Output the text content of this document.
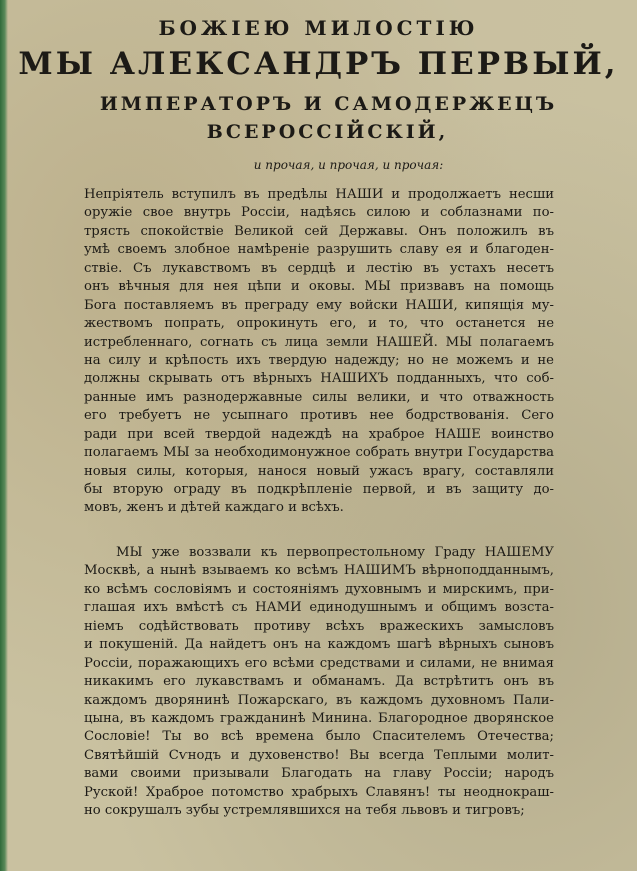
БОЖІЕЮ МИЛОСТІЮ
МЫ АЛЕКСАНДРЪ ПЕРВЫЙ,
ИМПЕРАТОРЪ И САМОДЕРЖЕЦЪ
ВСЕРОССІЙСКІЙ,
и прочая, и прочая, и прочая:
Непріятель вступилъ въ предѣлы НАШИ и продолжаетъ несши
оружіе свое внутрь Россіи, надѣясь силою и соблазнами по-
трясть спокойствіе Великой сей Державы. Онъ положилъ въ
умѣ своемъ злобное намѣреніе разрушить славу ея и благоден-
ствіе. Съ лукавствомъ въ сердцѣ и лестію въ устахъ несетъ
онъ вѣчныя для нея цѣпи и оковы. МЫ призвавъ на помощь
Бога поставляемъ въ преграду ему войски НАШИ, кипящія му-
жествомъ попрать, опрокинуть его, и то, что останется не
истребленнаго, согнать съ лица земли НАШЕЙ. МЫ полагаемъ
на силу и крѣпость ихъ твердую надежду; но не можемъ и не
должны скрывать отъ вѣрныхъ НАШИХЪ подданныхъ, что соб-
ранные имъ разнодержавные силы велики, и что отважность
его требуетъ не усыпнаго противъ нее бодрствованія. Сего
ради при всей твердой надеждѣ на храброе НАШЕ воинство
полагаемъ МЫ за необходимонужное собрать внутри Государства
новыя силы, которыя, нанося новый ужасъ врагу, составляли
бы вторую ограду въ подкрѣпленіе первой, и въ защиту до-
мовъ, женъ и дѣтей каждаго и всѣхъ.
МЫ уже воззвали къ первопрестольному Граду НАШЕМУ
Москвѣ, а нынѣ взываемъ ко всѣмъ НАШИМЪ вѣрноподданнымъ,
ко всѣмъ сословіямъ и состояніямъ духовнымъ и мирскимъ, при-
глашая ихъ вмѣстѣ съ НАМИ единодушнымъ и общимъ возста-
ніемъ содѣйствовать противу всѣхъ вражескихъ замысловъ
и покушеній. Да найдетъ онъ на каждомъ шагѣ вѣрныхъ сыновъ
Россіи, поражающихъ его всѣми средствами и силами, не внимая
никакимъ его лукавствамъ и обманамъ. Да встрѣтитъ онъ въ
каждомъ дворянинѣ Пожарскаго, въ каждомъ духовномъ Пали-
цына, въ каждомъ гражданинѣ Минина. Благородное дворянское
Сословіе! Ты во всѣ времена было Спасителемъ Отечества;
Святѣйшій Сѵнодъ и духовенство! Вы всегда Теплыми молит-
вами своими призывали Благодать на главу Россіи; народъ
Руской! Храброе потомство храбрыхъ Славянъ! ты неоднокраш-
но сокрушалъ зубы устремлявшихся на тебя львовъ и тигровъ;
